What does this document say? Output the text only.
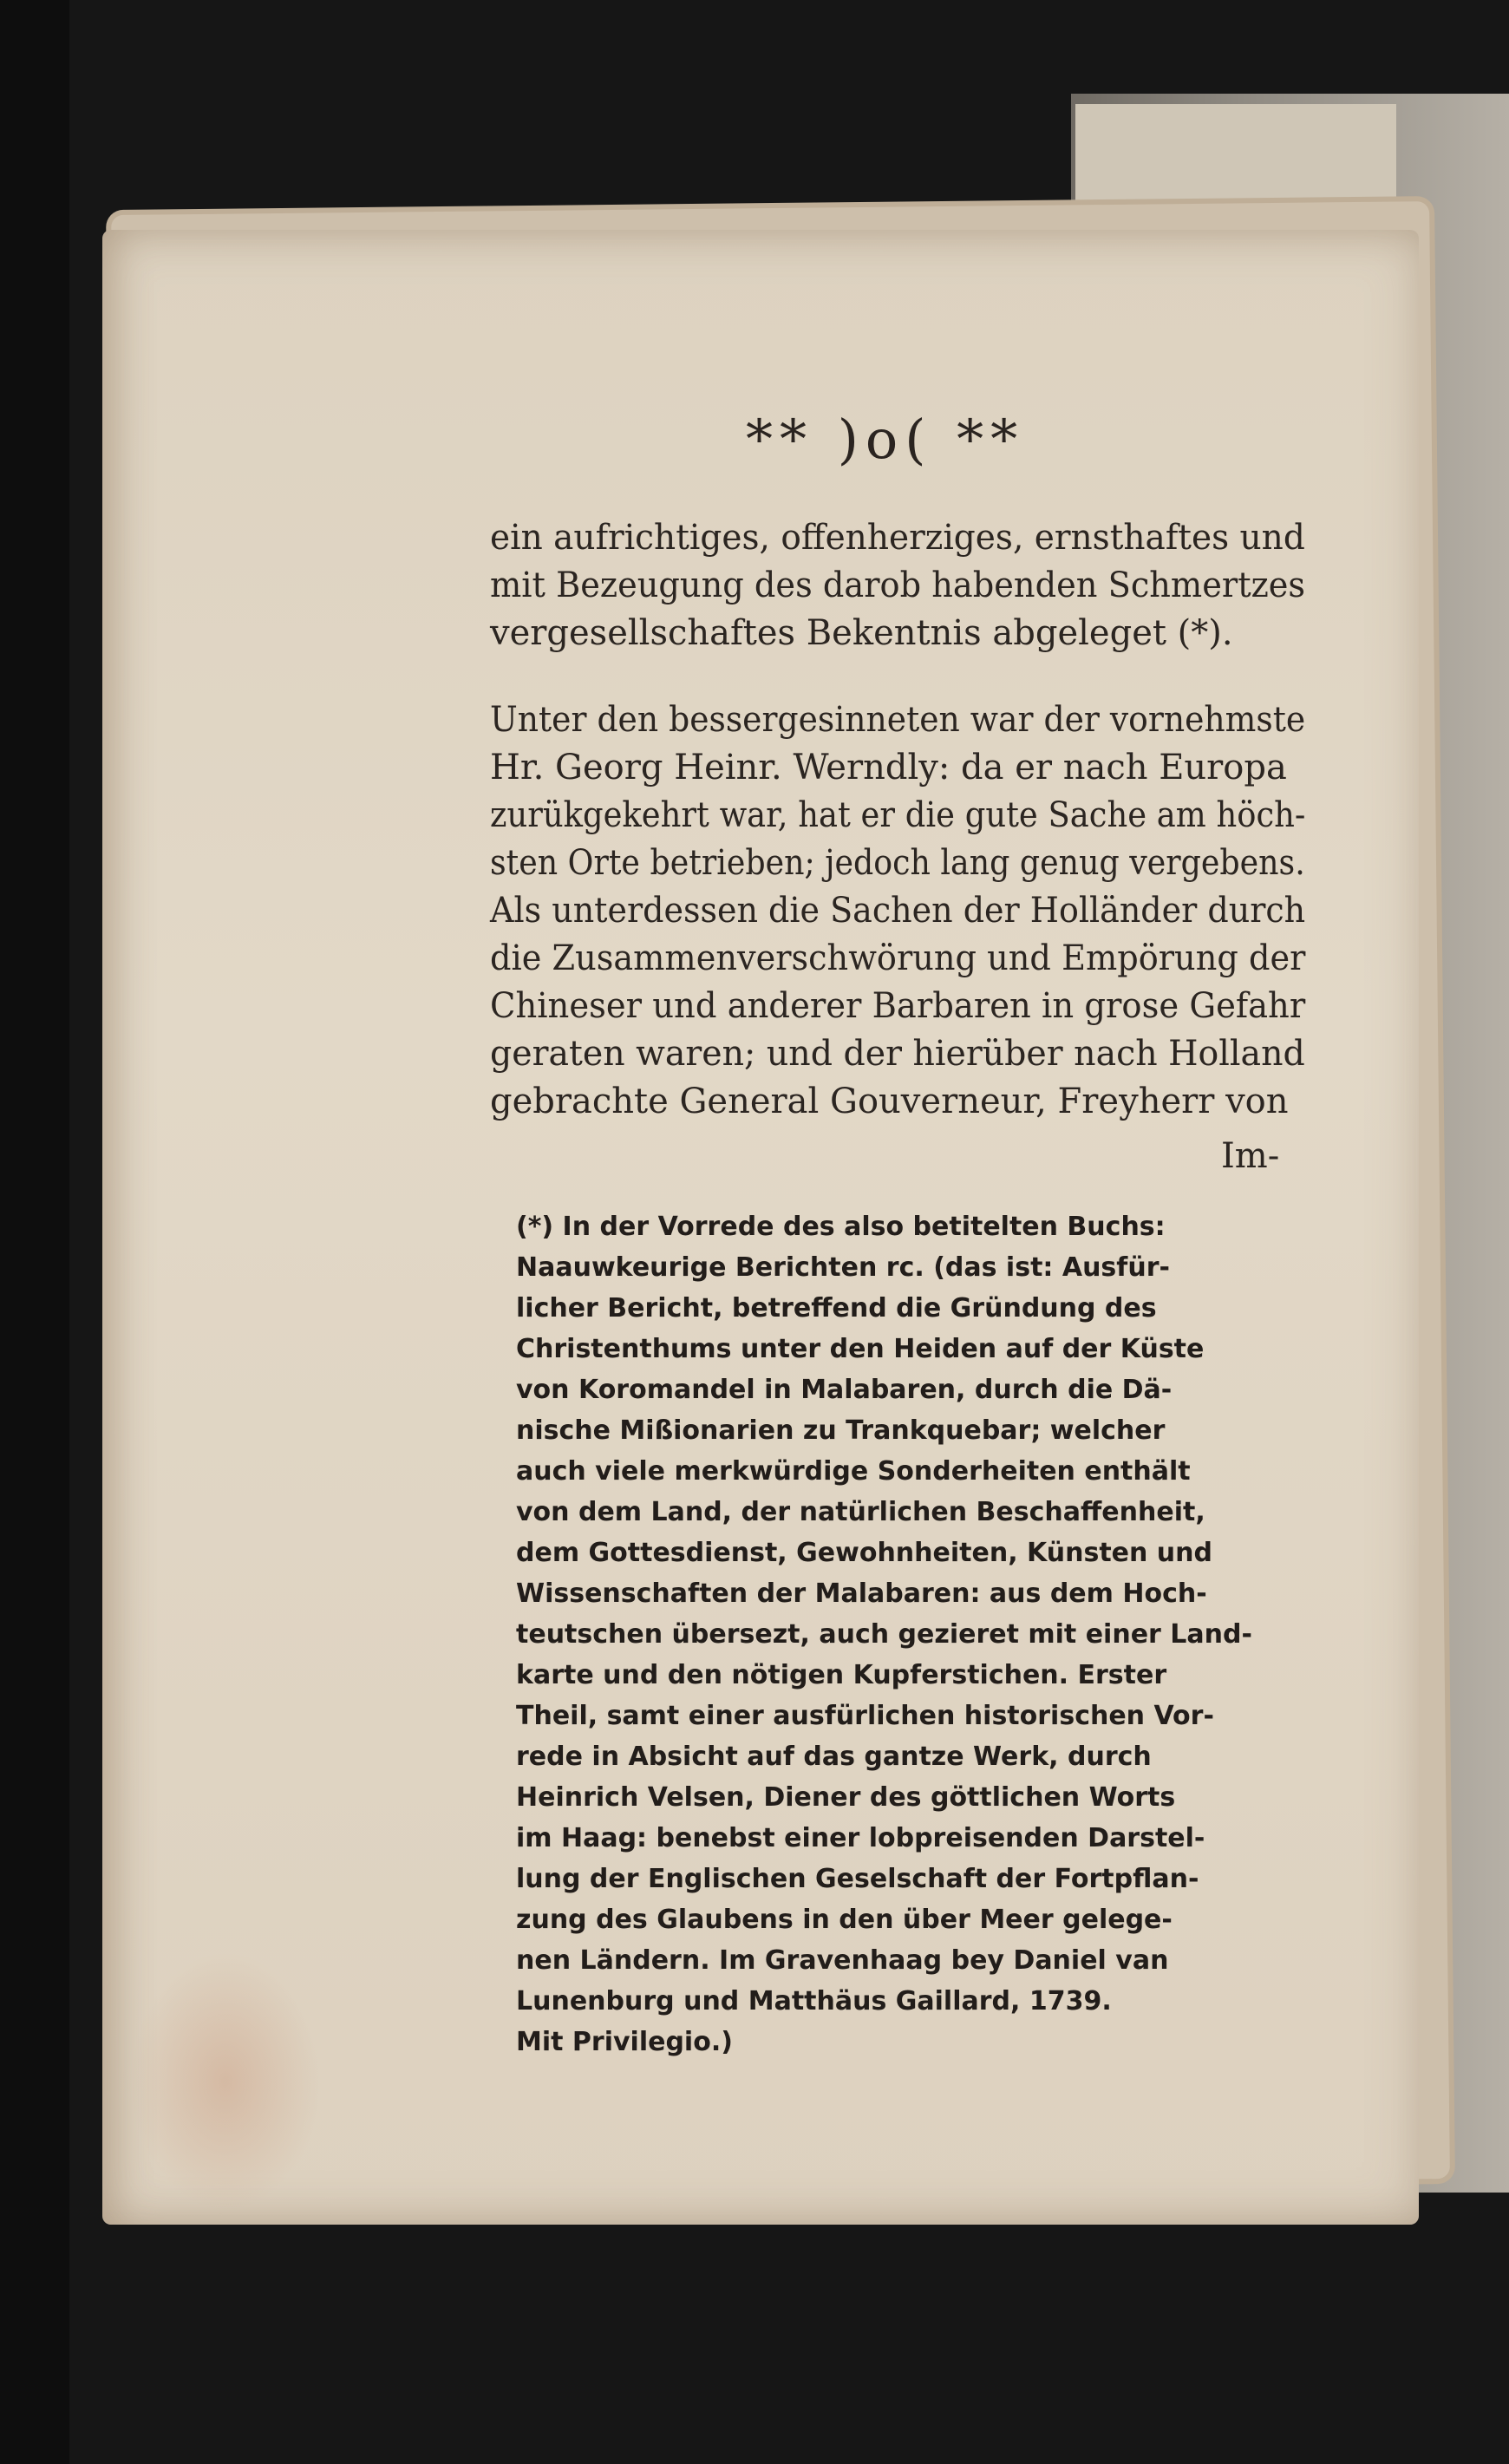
** )o( **
ein aufrichtiges, offenherziges, ernsthaftes und
mit Bezeugung des darob habenden Schmertzes
vergesellschaftes Bekentnis abgeleget (*).
Unter den bessergesinneten war der vornehmste
Hr. Georg Heinr. Werndly: da er nach Europa
zurükgekehrt war, hat er die gute Sache am höch-
sten Orte betrieben; jedoch lang genug vergebens.
Als unterdessen die Sachen der Holländer durch
die Zusammenverschwörung und Empörung der
Chineser und anderer Barbaren in grose Gefahr
geraten waren; und der hierüber nach Holland
gebrachte General Gouverneur, Freyherr von
Im-
(*) In der Vorrede des also betitelten Buchs:
Naauwkeurige Berichten rc. (das ist: Ausfür-
licher Bericht, betreffend die Gründung des
Christenthums unter den Heiden auf der Küste
von Koromandel in Malabaren, durch die Dä-
nische Mißionarien zu Trankquebar; welcher
auch viele merkwürdige Sonderheiten enthält
von dem Land, der natürlichen Beschaffenheit,
dem Gottesdienst, Gewohnheiten, Künsten und
Wissenschaften der Malabaren: aus dem Hoch-
teutschen übersezt, auch gezieret mit einer Land-
karte und den nötigen Kupferstichen. Erster
Theil, samt einer ausfürlichen historischen Vor-
rede in Absicht auf das gantze Werk, durch
Heinrich Velsen, Diener des göttlichen Worts
im Haag: benebst einer lobpreisenden Darstel-
lung der Englischen Geselschaft der Fortpflan-
zung des Glaubens in den über Meer gelege-
nen Ländern. Im Gravenhaag bey Daniel van
Lunenburg und Matthäus Gaillard, 1739.
Mit Privilegio.)
